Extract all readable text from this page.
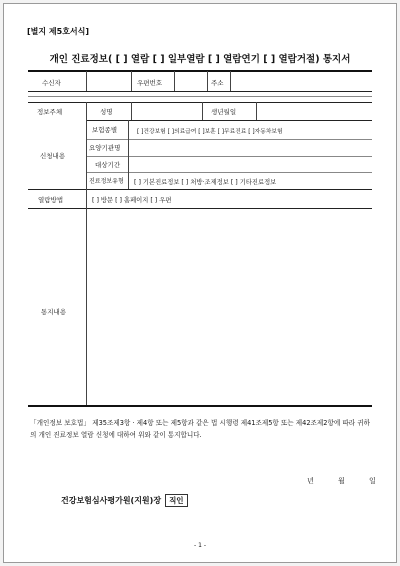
[별지 제5호서식]
개인 진료정보( [ ] 열람 [ ] 일부열람 [ ] 열람연기 [ ] 열람거절) 통지서
수신자	우편번호	주소
정보주체	성명	생년월일
신청내용
보험종별	[ ]건강보험 [ ]의료급여 [ ]보훈 [ ]무료진료 [ ]자동차보험
요양기관명
대상기간
진료정보유형 [ ] 기본진료정보 [ ] 처방·조제정보 [ ] 기타진료정보
열람방법	[ ] 방문 [ ] 홈페이지 [ ] 우편
통지내용
「개인정보 보호법」 제35조제3항 · 제4항 또는 제5항과 같은 법 시행령 제41조제5항 또는 제42조제2항에 따라 귀하의 개인 진료정보 열람 신청에 대하여 위와 같이 통지합니다.
년	월	일
건강보험심사평가원(지원)장 직인
- 1 -
